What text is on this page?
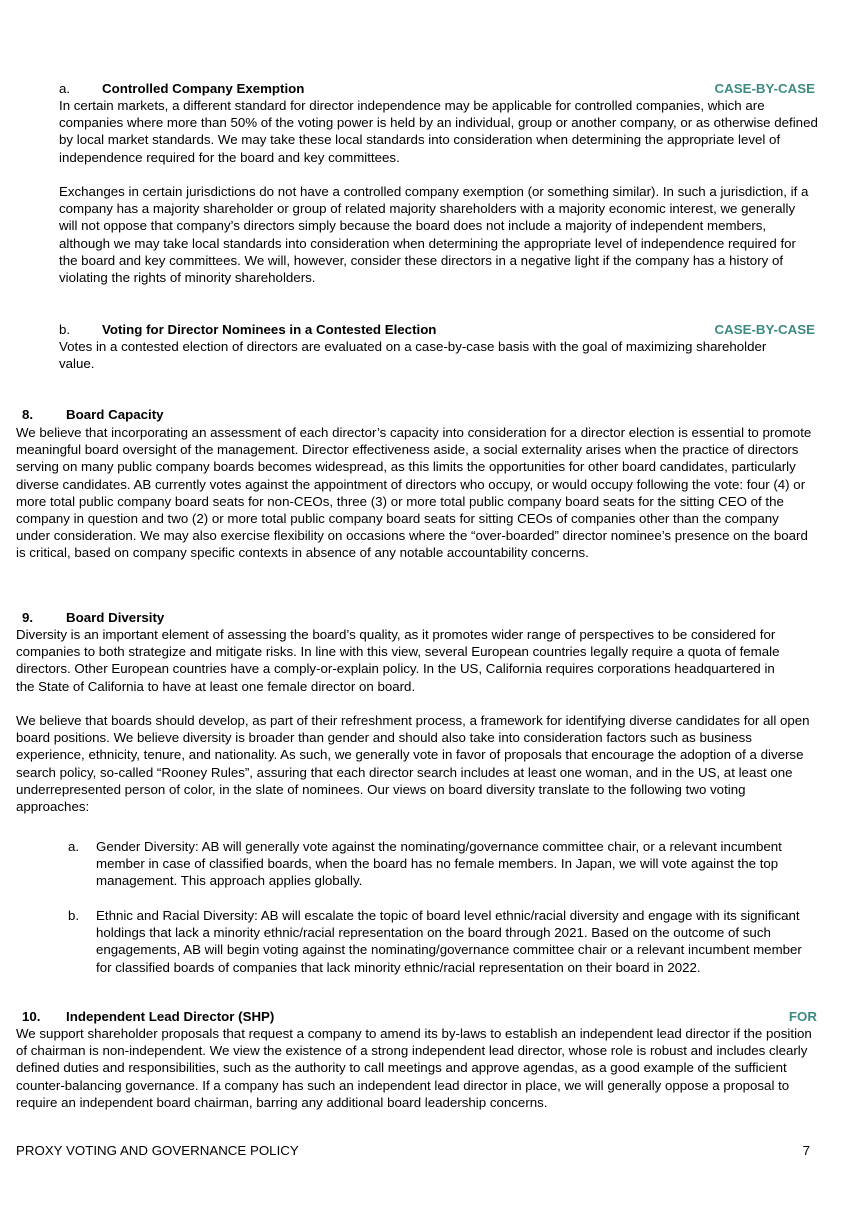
a. Controlled Company Exemption	CASE-BY-CASE

In certain markets, a different standard for director independence may be applicable for controlled companies, which are companies where more than 50% of the voting power is held by an individual, group or another company, or as otherwise defined by local market standards. We may take these local standards into consideration when determining the appropriate level of independence required for the board and key committees.

Exchanges in certain jurisdictions do not have a controlled company exemption (or something similar). In such a jurisdiction, if a company has a majority shareholder or group of related majority shareholders with a majority economic interest, we generally will not oppose that company’s directors simply because the board does not include a majority of independent members, although we may take local standards into consideration when determining the appropriate level of independence required for the board and key committees. We will, however, consider these directors in a negative light if the company has a history of violating the rights of minority shareholders.

b. Voting for Director Nominees in a Contested Election	CASE-BY-CASE

Votes in a contested election of directors are evaluated on a case-by-case basis with the goal of maximizing shareholder value.

8. Board Capacity

We believe that incorporating an assessment of each director’s capacity into consideration for a director election is essential to promote meaningful board oversight of the management. Director effectiveness aside, a social externality arises when the practice of directors serving on many public company boards becomes widespread, as this limits the opportunities for other board candidates, particularly diverse candidates. AB currently votes against the appointment of directors who occupy, or would occupy following the vote: four (4) or more total public company board seats for non-CEOs, three (3) or more total public company board seats for the sitting CEO of the company in question and two (2) or more total public company board seats for sitting CEOs of companies other than the company under consideration. We may also exercise flexibility on occasions where the “over-boarded” director nominee’s presence on the board is critical, based on company specific contexts in absence of any notable accountability concerns.

9. Board Diversity

Diversity is an important element of assessing the board’s quality, as it promotes wider range of perspectives to be considered for companies to both strategize and mitigate risks. In line with this view, several European countries legally require a quota of female directors. Other European countries have a comply-or-explain policy. In the US, California requires corporations headquartered in the State of California to have at least one female director on board.

We believe that boards should develop, as part of their refreshment process, a framework for identifying diverse candidates for all open board positions. We believe diversity is broader than gender and should also take into consideration factors such as business experience, ethnicity, tenure, and nationality. As such, we generally vote in favor of proposals that encourage the adoption of a diverse search policy, so-called “Rooney Rules”, assuring that each director search includes at least one woman, and in the US, at least one underrepresented person of color, in the slate of nominees. Our views on board diversity translate to the following two voting approaches:

a. Gender Diversity: AB will generally vote against the nominating/governance committee chair, or a relevant incumbent member in case of classified boards, when the board has no female members. In Japan, we will vote against the top management. This approach applies globally.
b. Ethnic and Racial Diversity: AB will escalate the topic of board level ethnic/racial diversity and engage with its significant holdings that lack a minority ethnic/racial representation on the board through 2021. Based on the outcome of such engagements, AB will begin voting against the nominating/governance committee chair or a relevant incumbent member for classified boards of companies that lack minority ethnic/racial representation on their board in 2022.
10. Independent Lead Director (SHP)	FOR

We support shareholder proposals that request a company to amend its by-laws to establish an independent lead director if the position of chairman is non-independent. We view the existence of a strong independent lead director, whose role is robust and includes clearly defined duties and responsibilities, such as the authority to call meetings and approve agendas, as a good example of the sufficient counter-balancing governance. If a company has such an independent lead director in place, we will generally oppose a proposal to require an independent board chairman, barring any additional board leadership concerns.

PROXY VOTING AND GOVERNANCE POLICY	7
